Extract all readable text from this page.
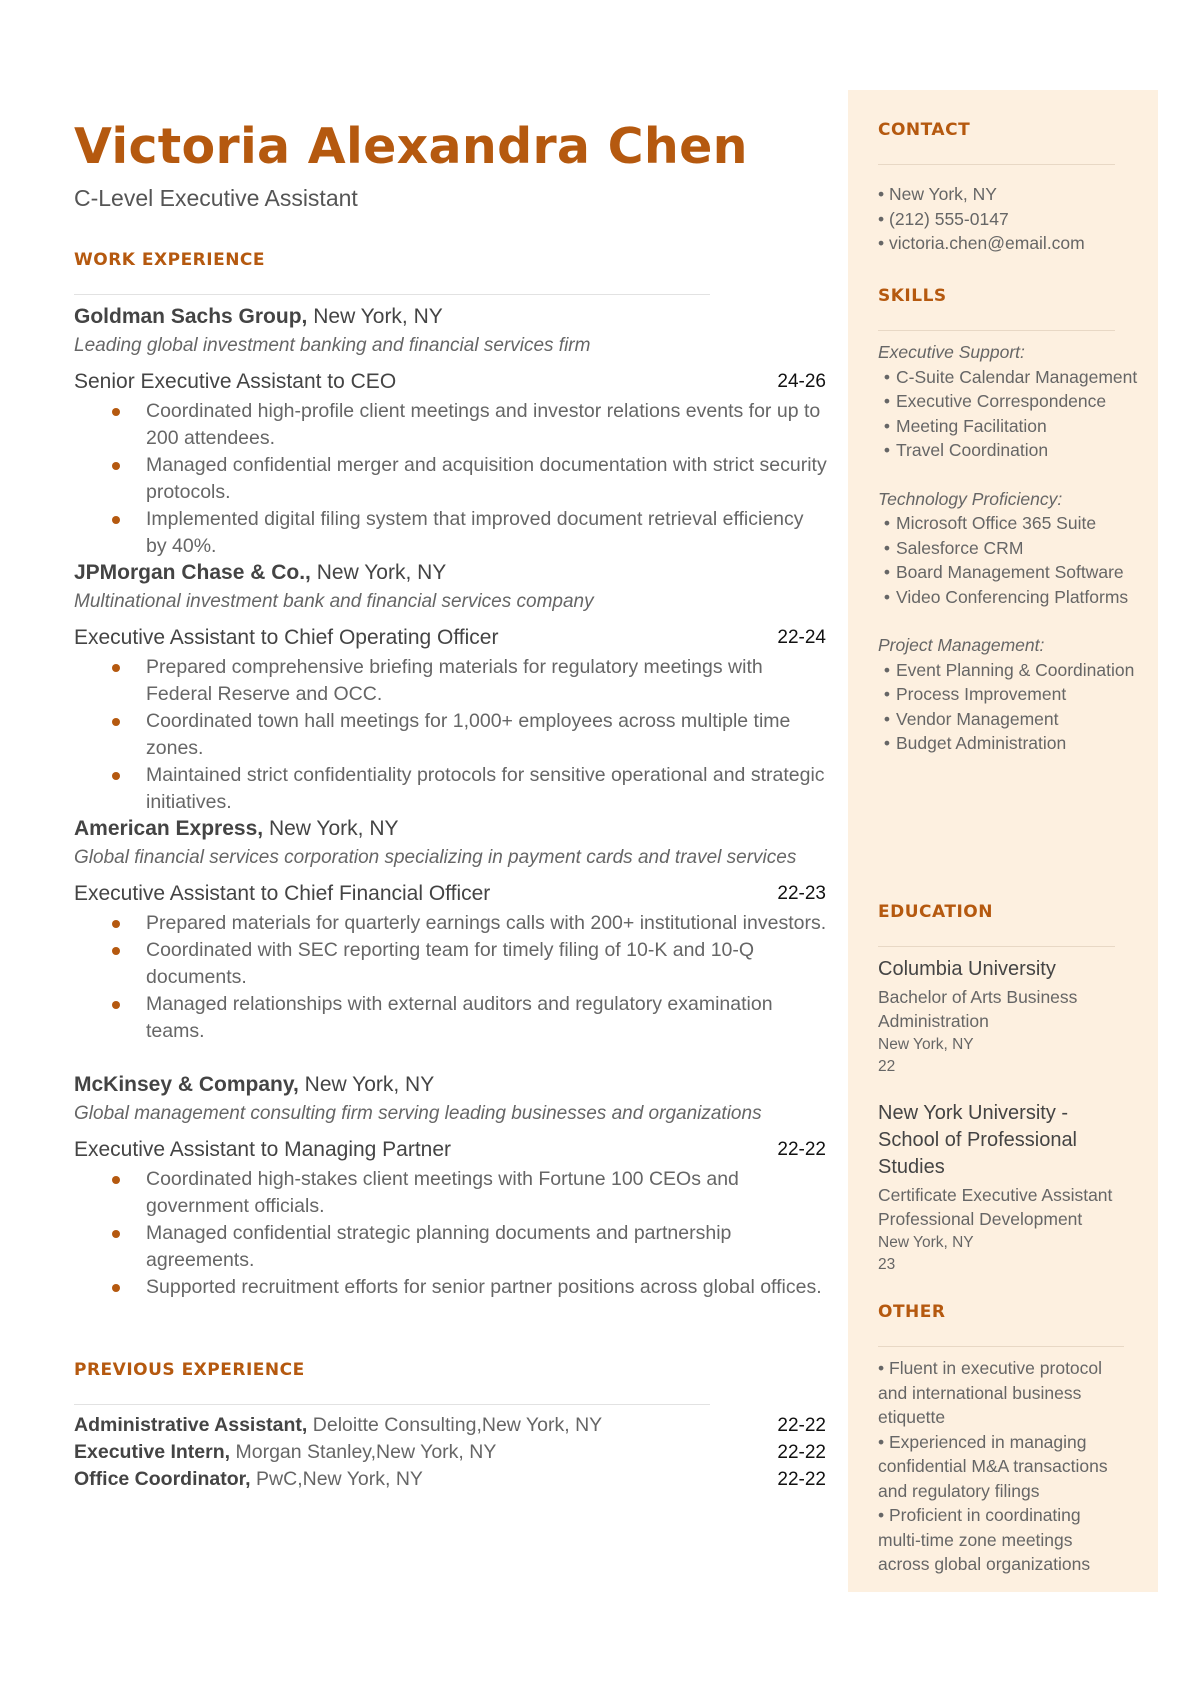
Victoria Alexandra Chen
C-Level Executive Assistant
WORK EXPERIENCE
Goldman Sachs Group, New York, NY
Leading global investment banking and financial services firm
Senior Executive Assistant to CEO	24-26
Coordinated high-profile client meetings and investor relations events for up to 200 attendees.
Managed confidential merger and acquisition documentation with strict security protocols.
Implemented digital filing system that improved document retrieval efficiency by 40%.
JPMorgan Chase & Co., New York, NY
Multinational investment bank and financial services company
Executive Assistant to Chief Operating Officer	22-24
Prepared comprehensive briefing materials for regulatory meetings with Federal Reserve and OCC.
Coordinated town hall meetings for 1,000+ employees across multiple time zones.
Maintained strict confidentiality protocols for sensitive operational and strategic initiatives.
American Express, New York, NY
Global financial services corporation specializing in payment cards and travel services
Executive Assistant to Chief Financial Officer	22-23
Prepared materials for quarterly earnings calls with 200+ institutional investors.
Coordinated with SEC reporting team for timely filing of 10-K and 10-Q documents.
Managed relationships with external auditors and regulatory examination teams.
McKinsey & Company, New York, NY
Global management consulting firm serving leading businesses and organizations
Executive Assistant to Managing Partner	22-22
Coordinated high-stakes client meetings with Fortune 100 CEOs and government officials.
Managed confidential strategic planning documents and partnership agreements.
Supported recruitment efforts for senior partner positions across global offices.
PREVIOUS EXPERIENCE
Administrative Assistant, Deloitte Consulting,New York, NY	22-22
Executive Intern, Morgan Stanley,New York, NY	22-22
Office Coordinator, PwC,New York, NY	22-22
CONTACT
• New York, NY
• (212) 555-0147
• victoria.chen@email.com
SKILLS
Executive Support:
• C-Suite Calendar Management
• Executive Correspondence
• Meeting Facilitation
• Travel Coordination
Technology Proficiency:
• Microsoft Office 365 Suite
• Salesforce CRM
• Board Management Software
• Video Conferencing Platforms
Project Management:
• Event Planning & Coordination
• Process Improvement
• Vendor Management
• Budget Administration
EDUCATION
Columbia University
Bachelor of Arts Business Administration
New York, NY
22
New York University - School of Professional Studies
Certificate Executive Assistant Professional Development
New York, NY
23
OTHER
• Fluent in executive protocol and international business etiquette
• Experienced in managing confidential M&A transactions and regulatory filings
• Proficient in coordinating multi-time zone meetings across global organizations
